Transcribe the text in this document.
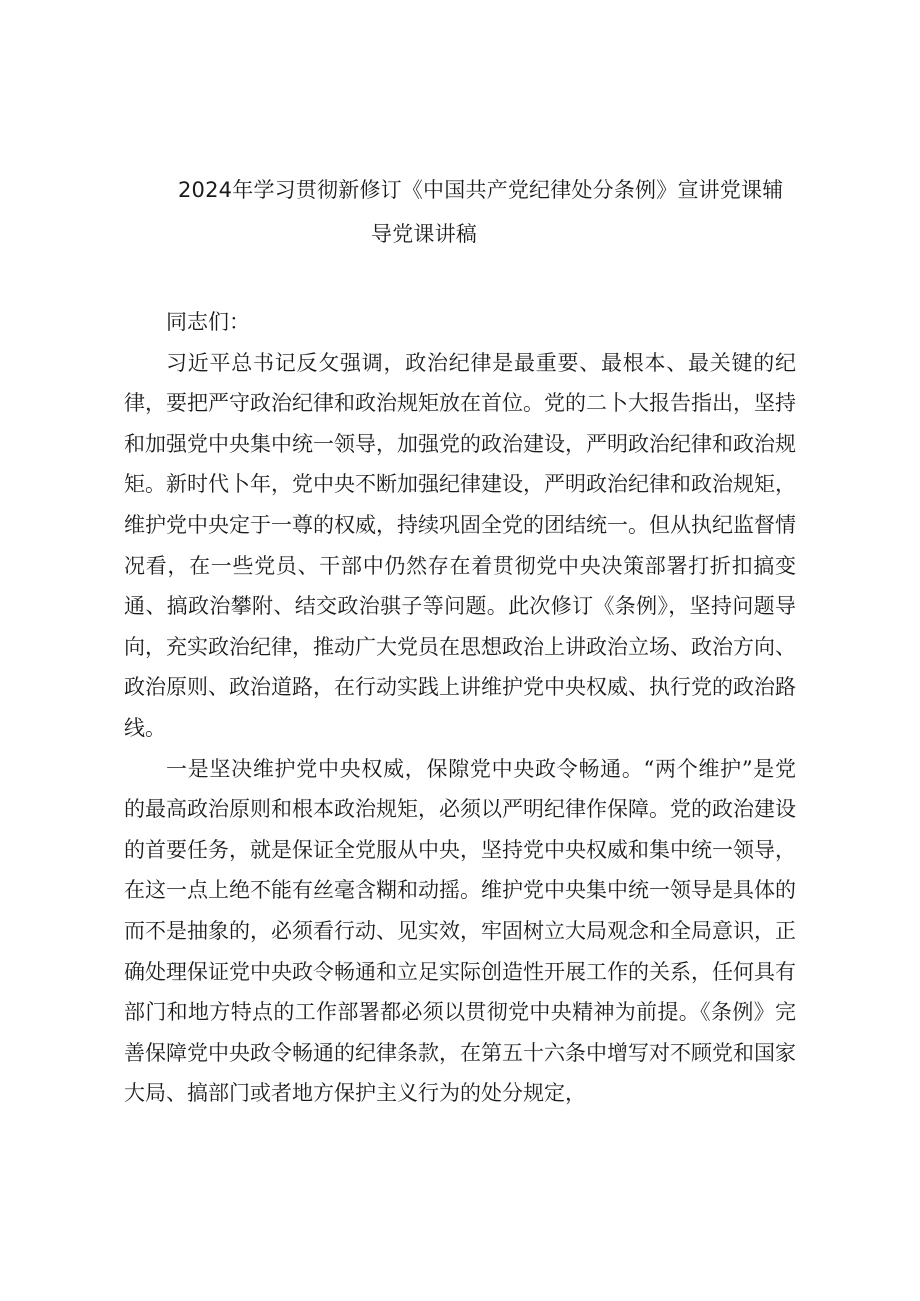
2024年学习贯彻新修订《中国共产党纪律处分条例》宣讲党课辅
导党课讲稿

同志们：

习近平总书记反攵强调，政治纪律是最重要、最根本、最关键的纪律，要把严守政治纪律和政治规矩放在首位。党的二卜大报告指出，坚持和加强党中央集中统一领导，加强党的政治建设，严明政治纪律和政治规矩。新时代卜年，党中央不断加强纪律建设，严明政治纪律和政治规矩，维护党中央定于一尊的权威，持续巩固全党的团结统一。但从执纪监督情况看，在一些党员、干部中仍然存在着贯彻党中央决策部署打折扣搞变通、搞政治攀附、结交政治骐子等问题。此次修订《条例》，坚持问题导向，充实政治纪律，推动广大党员在思想政治上讲政治立场、政治方向、政治原则、政治道路，在行动实践上讲维护党中央权威、执行党的政治路线。

一是坚决维护党中央权威，保隙党中央政令畅通。“两个维护”是党的最高政治原则和根本政治规矩，必须以严明纪律作保障。党的政治建设的首要任务，就是保证全党服从中央，坚持党中央权威和集中统一领导，在这一点上绝不能有丝毫含糊和动摇。维护党中央集中统一领导是具体的而不是抽象的，必须看行动、见实效，牢固树立大局观念和全局意识，正确处理保证党中央政令畅通和立足实际创造性开展工作的关系，任何具有部门和地方特点的工作部署都必须以贯彻党中央精神为前提。《条例》完善保障党中央政令畅通的纪律条款，在第五十六条中增写对不顾党和国家大局、搞部门或者地方保护主义行为的处分规定，
